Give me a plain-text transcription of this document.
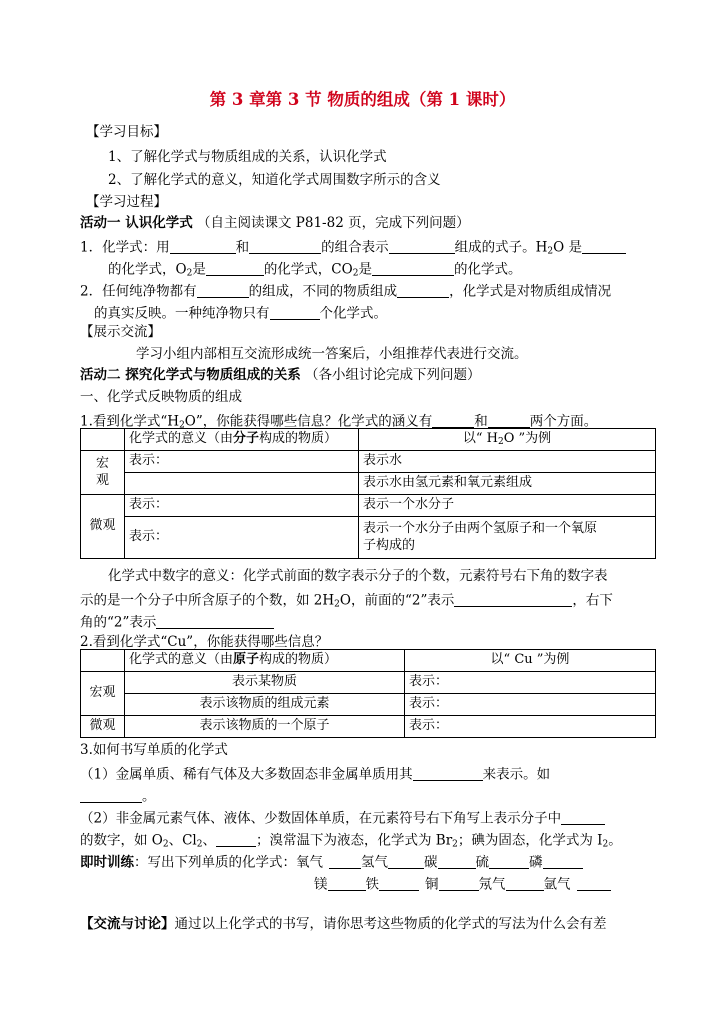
第 3 章第 3 节 物质的组成（第 1 课时）
【学习目标】
1、了解化学式与物质组成的关系，认识化学式
2、了解化学式的意义，知道化学式周围数字所示的含义
【学习过程】
活动一 认识化学式 （自主阅读课文 P81-82 页，完成下列问题）
1．化学式：用	和	的组合表示	组成的式子。$H_2O$ 是
的化学式，$O_2$是	的化学式，$CO_2$是	的化学式。
2．任何纯净物都有	的组成，不同的物质组成	，化学式是对物质组成情况
的真实反映。一种纯净物只有	个化学式。
【展示交流】
学习小组内部相互交流形成统一答案后，小组推荐代表进行交流。
活动二 探究化学式与物质组成的关系 （各小组讨论完成下列问题）
一、化学式反映物质的组成
1.看到化学式“$H_2O$”，你能获得哪些信息？化学式的涵义有	和	两个方面。
	化学式的意义（由分子构成的物质）	以“ $H_2O$ ”为例
宏
观	表示：	表示水
		表示水由氢元素和氧元素组成
微观	表示：	表示一个水分子
	表示：	表示一个水分子由两个氢原子和一个氧原
子构成的
化学式中数字的意义：化学式前面的数字表示分子的个数，元素符号右下角的数字表
示的是一个分子中所含原子的个数，如 $2H_2O$，前面的“2”表示	，右下
角的“2”表示
2.看到化学式“Cu”，你能获得哪些信息？
	化学式的意义（由原子构成的物质）	以“ Cu ”为例
宏观	表示某物质	表示：
	表示该物质的组成元素	表示：
微观	表示该物质的一个原子	表示：
3.如何书写单质的化学式
（1）金属单质、稀有气体及大多数固态非金属单质用其	来表示。如
。
（2）非金属元素气体、液体、少数固体单质，在元素符号右下角写上表示分子中
的数字，如 $O_2$、$Cl_2$、	；溴常温下为液态，化学式为 $Br_2$；碘为固态，化学式为 $I_2$。
即时训练：写出下列单质的化学式：氧气	氢气	碳	硫	磷
镁	铁	铜	氖气	氩气
【交流与讨论】通过以上化学式的书写，请你思考这些物质的化学式的写法为什么会有差
